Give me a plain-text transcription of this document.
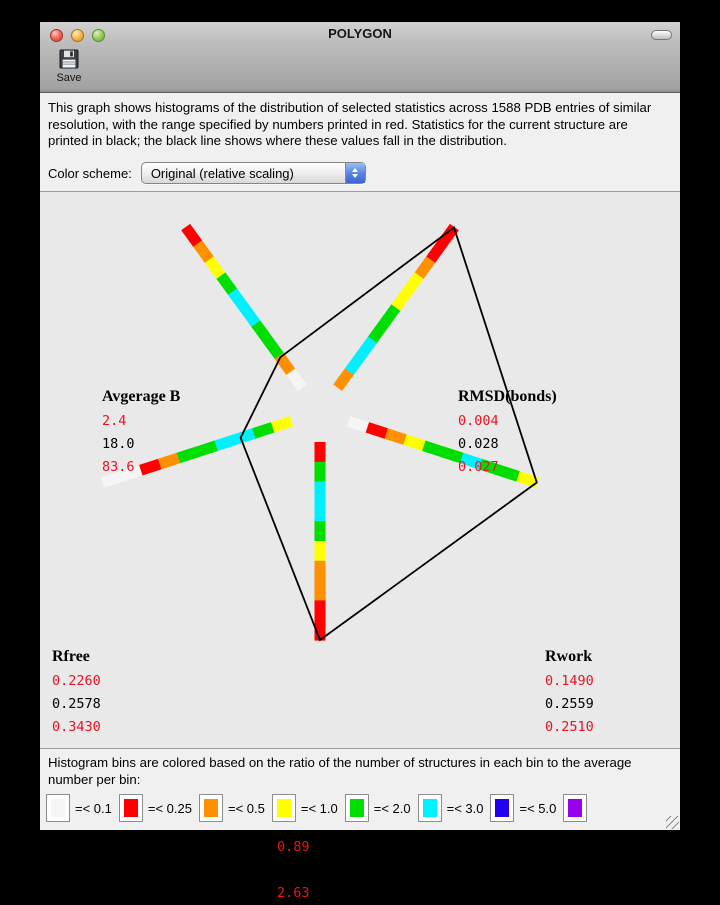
POLYGON
Save
This graph shows histograms of the distribution of selected statistics across 1588 PDB entries of similar resolution, with the range specified by numbers printed in red. Statistics for the current structure are printed in black; the black line shows where these values fall in the distribution.
Color scheme:	Original (relative scaling)
Avgerage B
2.4
18.0
83.6
RMSD(bonds)
0.004
0.028
0.027
Rwork
0.1490
0.2559
0.2510
0.89
4.52
2.63
Rfree
0.2260
0.2578
0.3430
Histogram bins are colored based on the ratio of the number of structures in each bin to the average number per bin:
=< 0.1	=< 0.25	=< 0.5	=< 1.0	=< 2.0	=< 3.0	=< 5.0
